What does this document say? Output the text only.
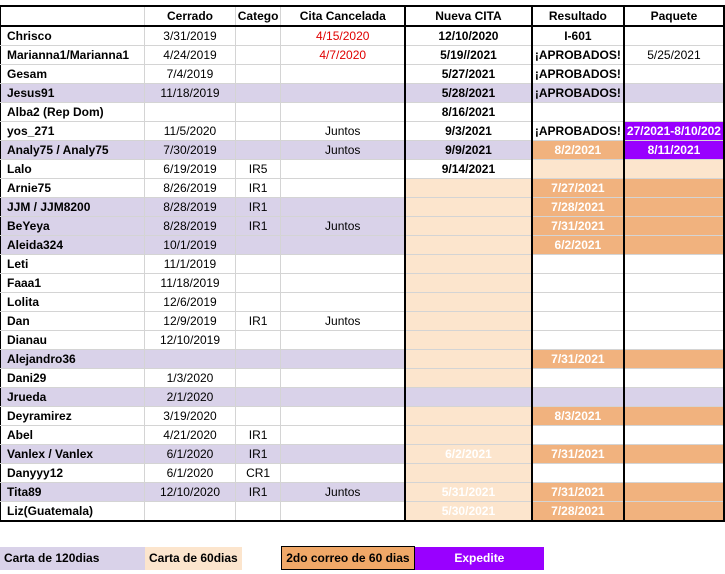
	Cerrado	Catego	Cita Cancelada	Nueva CITA	Resultado	Paquete
Chrisco	3/31/2019		4/15/2020	12/10/2020	I-601	
Marianna1/Marianna1	4/24/2019		4/7/2020	5/19//2021	¡APROBADOS!	5/25/2021
Gesam	7/4/2019			5/27/2021	¡APROBADOS!	
Jesus91	11/18/2019			5/28/2021	¡APROBADOS!	
Alba2 (Rep Dom)				8/16/2021		
yos_271	11/5/2020		Juntos	9/3/2021	¡APROBADOS!	27/2021-8/10/202
Analy75 / Analy75	7/30/2019		Juntos	9/9/2021	8/2/2021	8/11/2021
Lalo	6/19/2019	IR5		9/14/2021		
Arnie75	8/26/2019	IR1			7/27/2021	
JJM / JJM8200	8/28/2019	IR1			7/28/2021	
BeYeya	8/28/2019	IR1	Juntos		7/31/2021	
Aleida324	10/1/2019				6/2/2021	
Leti	11/1/2019					
Faaa1	11/18/2019					
Lolita	12/6/2019					
Dan	12/9/2019	IR1	Juntos			
Dianau	12/10/2019					
Alejandro36					7/31/2021	
Dani29	1/3/2020					
Jrueda	2/1/2020					
Deyramirez	3/19/2020				8/3/2021	
Abel	4/21/2020	IR1				
Vanlex / Vanlex	6/1/2020	IR1		6/2/2021	7/31/2021	
Danyyy12	6/1/2020	CR1				
Tita89	12/10/2020	IR1	Juntos	5/31/2021	7/31/2021	
Liz(Guatemala)				5/30/2021	7/28/2021	
Carta de 120dias	Carta de 60dias		2do correo de 60 dias	Expedite
